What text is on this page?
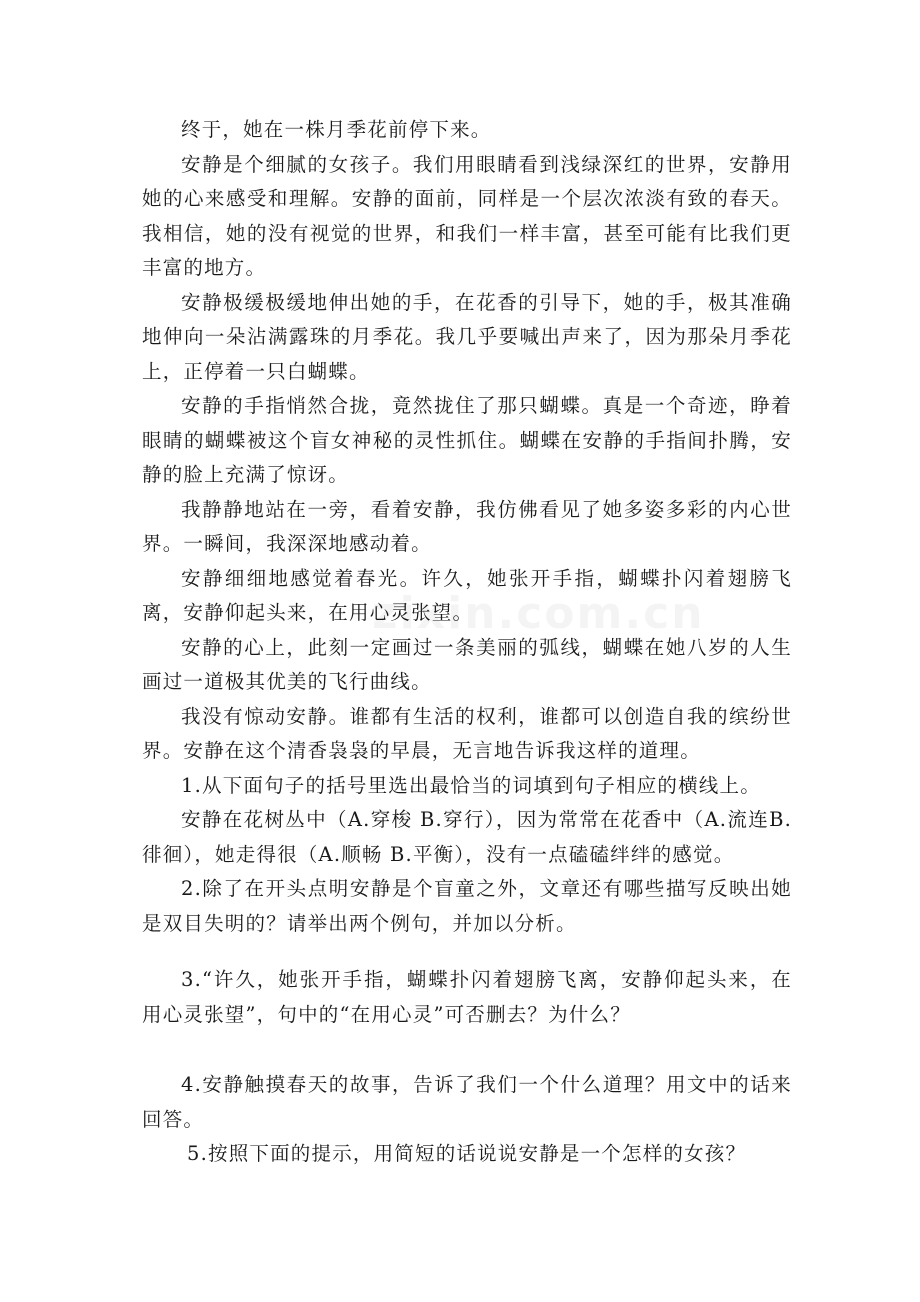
终于，她在一株月季花前停下来。

安静是个细腻的女孩子。我们用眼睛看到浅绿深红的世界，安静用她的心来感受和理解。安静的面前，同样是一个层次浓淡有致的春天。我相信，她的没有视觉的世界，和我们一样丰富，甚至可能有比我们更丰富的地方。

安静极缓极缓地伸出她的手，在花香的引导下，她的手，极其准确地伸向一朵沾满露珠的月季花。我几乎要喊出声来了，因为那朵月季花上，正停着一只白蝴蝶。

安静的手指悄然合拢，竟然拢住了那只蝴蝶。真是一个奇迹，睁着眼睛的蝴蝶被这个盲女神秘的灵性抓住。蝴蝶在安静的手指间扑腾，安静的脸上充满了惊讶。

我静静地站在一旁，看着安静，我仿佛看见了她多姿多彩的内心世界。一瞬间，我深深地感动着。

安静细细地感觉着春光。许久，她张开手指，蝴蝶扑闪着翅膀飞离，安静仰起头来，在用心灵张望。

安静的心上，此刻一定画过一条美丽的弧线，蝴蝶在她八岁的人生画过一道极其优美的飞行曲线。

我没有惊动安静。谁都有生活的权利，谁都可以创造自我的缤纷世界。安静在这个清香袅袅的早晨，无言地告诉我这样的道理。

1.从下面句子的括号里选出最恰当的词填到句子相应的横线上。

安静在花树丛中（A.穿梭 B.穿行），因为常常在花香中（A.流连B.徘徊），她走得很（A.顺畅 B.平衡），没有一点磕磕绊绊的感觉。

2.除了在开头点明安静是个盲童之外，文章还有哪些描写反映出她是双目失明的？请举出两个例句，并加以分析。

3.“许久，她张开手指，蝴蝶扑闪着翅膀飞离，安静仰起头来，在用心灵张望”，句中的“在用心灵”可否删去？为什么？

4.安静触摸春天的故事，告诉了我们一个什么道理？用文中的话来回答。

5.按照下面的提示，用简短的话说说安静是一个怎样的女孩？
